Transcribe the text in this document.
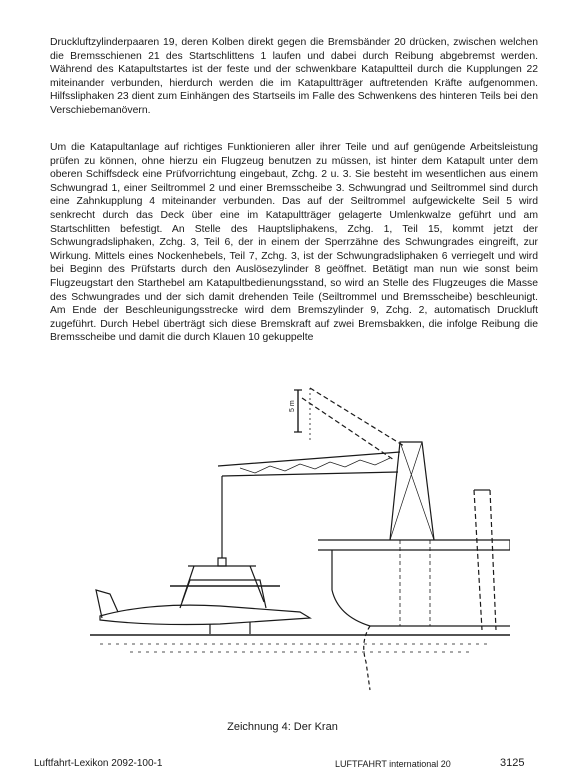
Druckluftzylinderpaaren 19, deren Kolben direkt gegen die Bremsbänder 20 drücken, zwischen welchen die Bremsschienen 21 des Startschlittens 1 laufen und dabei durch Reibung abgebremst werden. Während des Katapultstartes ist der feste und der schwenkbare Katapultteil durch die Kupplungen 22 miteinander verbunden, hierdurch werden die im Katapultträger auftretenden Kräfte aufgenommen. Hilfssliphaken 23 dient zum Einhängen des Startseils im Falle des Schwenkens des hinteren Teils bei den Verschiebemanövern.

Um die Katapultanlage auf richtiges Funktionieren aller ihrer Teile und auf genügende Arbeitsleistung prüfen zu können, ohne hierzu ein Flugzeug benutzen zu müssen, ist hinter dem Katapult unter dem oberen Schiffsdeck eine Prüfvorrichtung eingebaut, Zchg. 2 u. 3. Sie besteht im wesentlichen aus einem Schwungrad 1, einer Seiltrommel 2 und einer Bremsscheibe 3. Schwungrad und Seiltrommel sind durch eine Zahnkupplung 4 miteinander verbunden. Das auf der Seiltrommel aufgewickelte Seil 5 wird senkrecht durch das Deck über eine im Katapultträger gelagerte Umlenkwalze geführt und am Startschlitten befestigt. An Stelle des Hauptsliphakens, Zchg. 1, Teil 15, kommt jetzt der Schwungradsliphaken, Zchg. 3, Teil 6, der in einem der Sperrzähne des Schwungrades eingreift, zur Wirkung. Mittels eines Nockenhebels, Teil 7, Zchg. 3, ist der Schwungradsliphaken 6 verriegelt und wird bei Beginn des Prüfstarts durch den Auslösezylinder 8 geöffnet. Betätigt man nun wie sonst beim Flugzeugstart den Starthebel am Katapultbedienungsstand, so wird an Stelle des Flugzeuges die Masse des Schwungrades und der sich damit drehenden Teile (Seiltrommel und Bremsscheibe) beschleunigt. Am Ende der Beschleunigungsstrecke wird dem Bremszylinder 9, Zchg. 2, automatisch Druckluft zugeführt. Durch Hebel überträgt sich diese Bremskraft auf zwei Bremsbakken, die infolge Reibung die Bremsscheibe und damit die durch Klauen 10 gekuppelte

5 m
Zeichnung 4: Der Kran
Luftfahrt-Lexikon 2092-100-1	LUFTFAHRT international 20	3125
